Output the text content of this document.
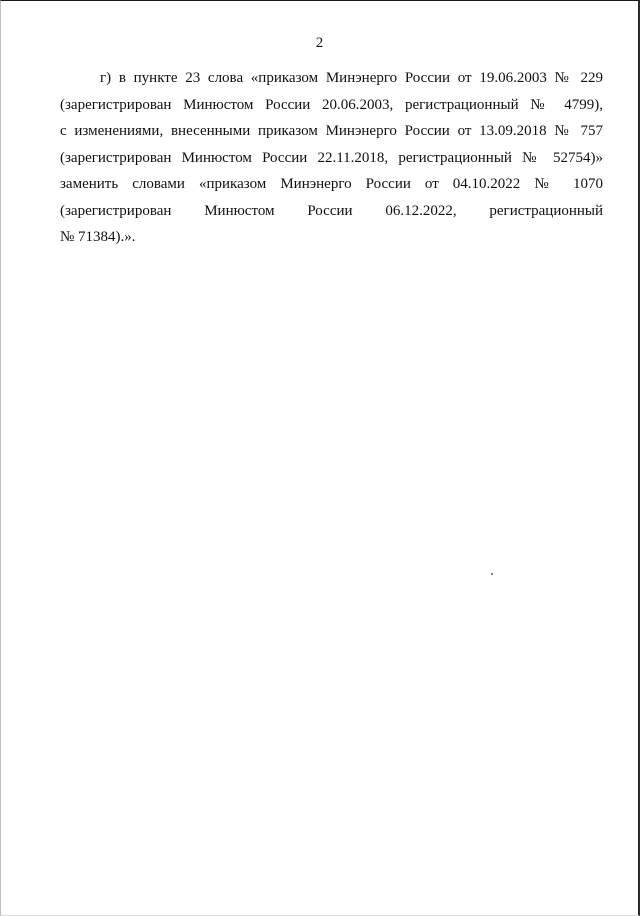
2
г) в пункте 23 слова «приказом Минэнерго России от 19.06.2003 № 229
(зарегистрирован Минюстом России 20.06.2003, регистрационный № 4799),
с изменениями, внесенными приказом Минэнерго России от 13.09.2018 № 757
(зарегистрирован Минюстом России 22.11.2018, регистрационный № 52754)»
заменить словами «приказом Минэнерго России от 04.10.2022 № 1070
(зарегистрирован Минюстом России 06.12.2022, регистрационный
№ 71384).».
